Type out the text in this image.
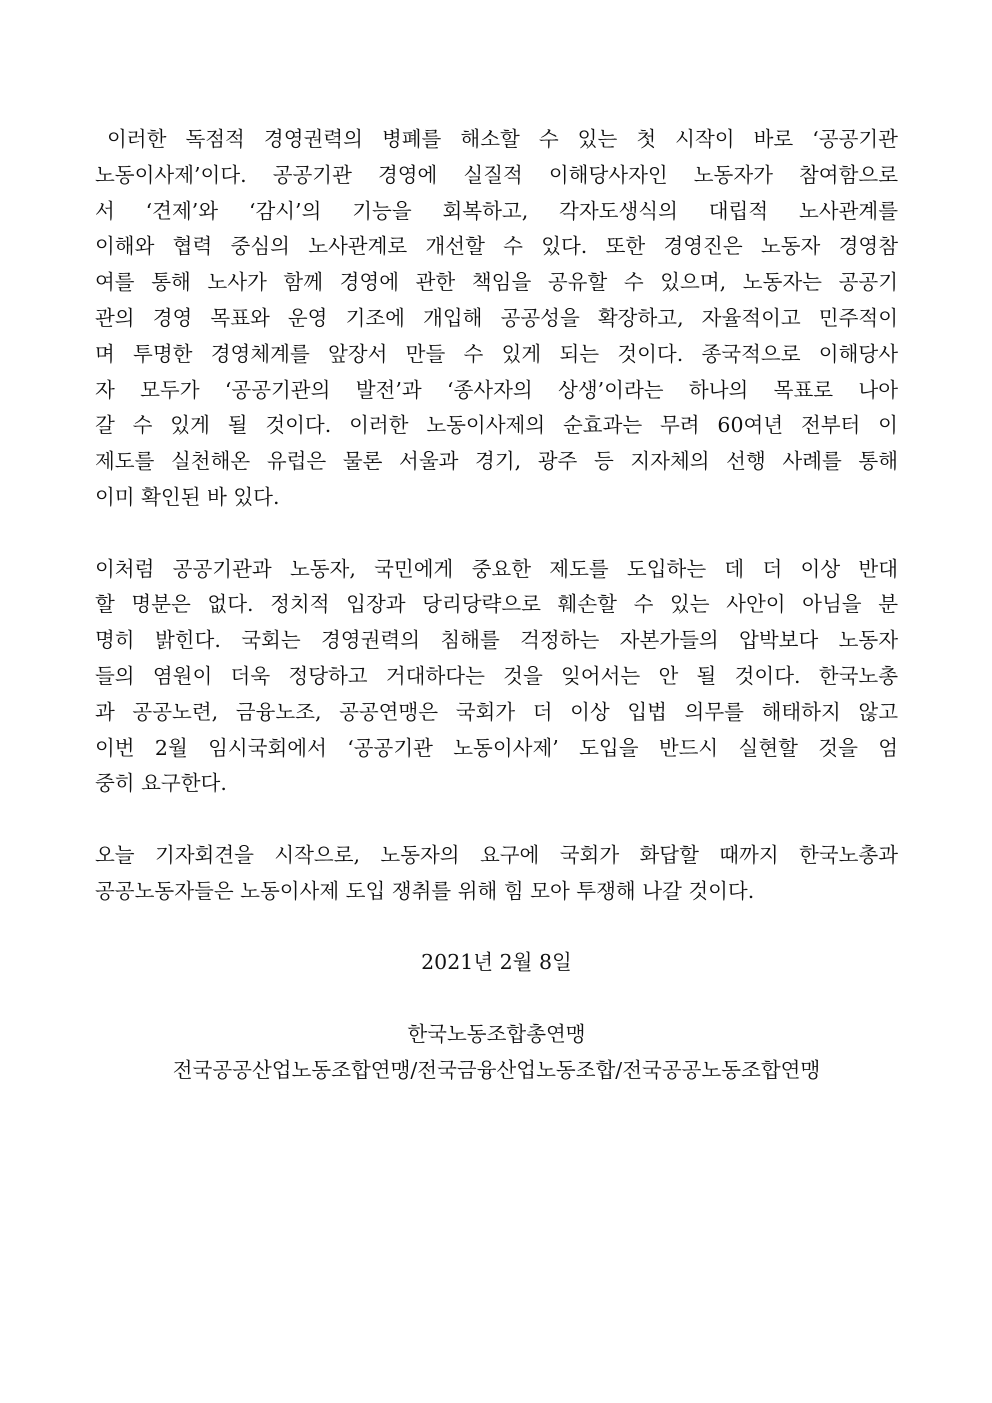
이러한 독점적 경영권력의 병폐를 해소할 수 있는 첫 시작이 바로 ‘공공기관
노동이사제’이다. 공공기관 경영에 실질적 이해당사자인 노동자가 참여함으로
서 ‘견제’와 ‘감시’의 기능을 회복하고, 각자도생식의 대립적 노사관계를
이해와 협력 중심의 노사관계로 개선할 수 있다. 또한 경영진은 노동자 경영참
여를 통해 노사가 함께 경영에 관한 책임을 공유할 수 있으며, 노동자는 공공기
관의 경영 목표와 운영 기조에 개입해 공공성을 확장하고, 자율적이고 민주적이
며 투명한 경영체계를 앞장서 만들 수 있게 되는 것이다. 종국적으로 이해당사
자 모두가 ‘공공기관의 발전’과 ‘종사자의 상생’이라는 하나의 목표로 나아
갈 수 있게 될 것이다. 이러한 노동이사제의 순효과는 무려 60여년 전부터 이
제도를 실천해온 유럽은 물론 서울과 경기, 광주 등 지자체의 선행 사례를 통해
이미 확인된 바 있다.
이처럼 공공기관과 노동자, 국민에게 중요한 제도를 도입하는 데 더 이상 반대
할 명분은 없다. 정치적 입장과 당리당략으로 훼손할 수 있는 사안이 아님을 분
명히 밝힌다. 국회는 경영권력의 침해를 걱정하는 자본가들의 압박보다 노동자
들의 염원이 더욱 정당하고 거대하다는 것을 잊어서는 안 될 것이다. 한국노총
과 공공노련, 금융노조, 공공연맹은 국회가 더 이상 입법 의무를 해태하지 않고
이번 2월 임시국회에서 ‘공공기관 노동이사제’ 도입을 반드시 실현할 것을 엄
중히 요구한다.
오늘 기자회견을 시작으로, 노동자의 요구에 국회가 화답할 때까지 한국노총과
공공노동자들은 노동이사제 도입 쟁취를 위해 힘 모아 투쟁해 나갈 것이다.
2021년 2월 8일
한국노동조합총연맹
전국공공산업노동조합연맹/전국금융산업노동조합/전국공공노동조합연맹
